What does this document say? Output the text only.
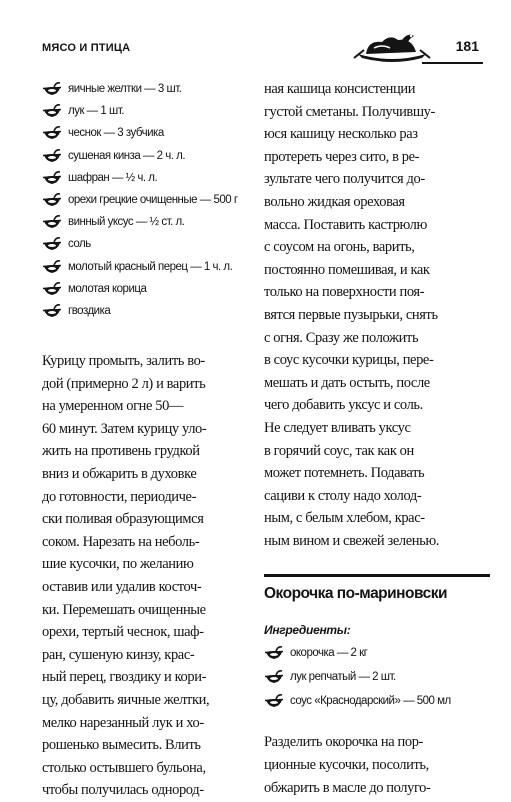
МЯСО И ПТИЦА	181
яичные желтки — 3 шт.
лук — 1 шт.
чеснок — 3 зубчика
сушеная кинза — 2 ч. л.
шафран — ½ ч. л.
орехи грецкие очищенные — 500 г
винный уксус — ½ ст. л.
соль
молотый красный перец — 1 ч. л.
молотая корица
гвоздика

Курицу промыть, залить во-
дой (примерно 2 л) и варить
на умеренном огне 50—
60 минут. Затем курицу уло-
жить на противень грудкой
вниз и обжарить в духовке
до готовности, периодиче-
ски поливая образующимся
соком. Нарезать на неболь-
шие кусочки, по желанию
оставив или удалив косточ-
ки. Перемешать очищенные
орехи, тертый чеснок, шаф-
ран, сушеную кинзу, крас-
ный перец, гвоздику и кори-
цу, добавить яичные желтки,
мелко нарезанный лук и хо-
рошенько вымесить. Влить
столько остывшего бульона,
чтобы получилась однород-

ная кашица консистенции
густой сметаны. Получившу-
юся кашицу несколько раз
протереть через сито, в ре-
зультате чего получится до-
вольно жидкая ореховая
масса. Поставить кастрюлю
с соусом на огонь, варить,
постоянно помешивая, и как
только на поверхности поя-
вятся первые пузырьки, снять
с огня. Сразу же положить
в соус кусочки курицы, пере-
мешать и дать остыть, после
чего добавить уксус и соль.
Не следует вливать уксус
в горячий соус, так как он
может потемнеть. Подавать
сациви к столу надо холод-
ным, с белым хлебом, крас-
ным вином и свежей зеленью.

Окорочка по-мариновски
Ингредиенты:
окорочка — 2 кг
лук репчатый — 2 шт.
соус «Краснодарский» — 500 мл

Разделить окорочка на пор-
ционные кусочки, посолить,
обжарить в масле до полуго-
